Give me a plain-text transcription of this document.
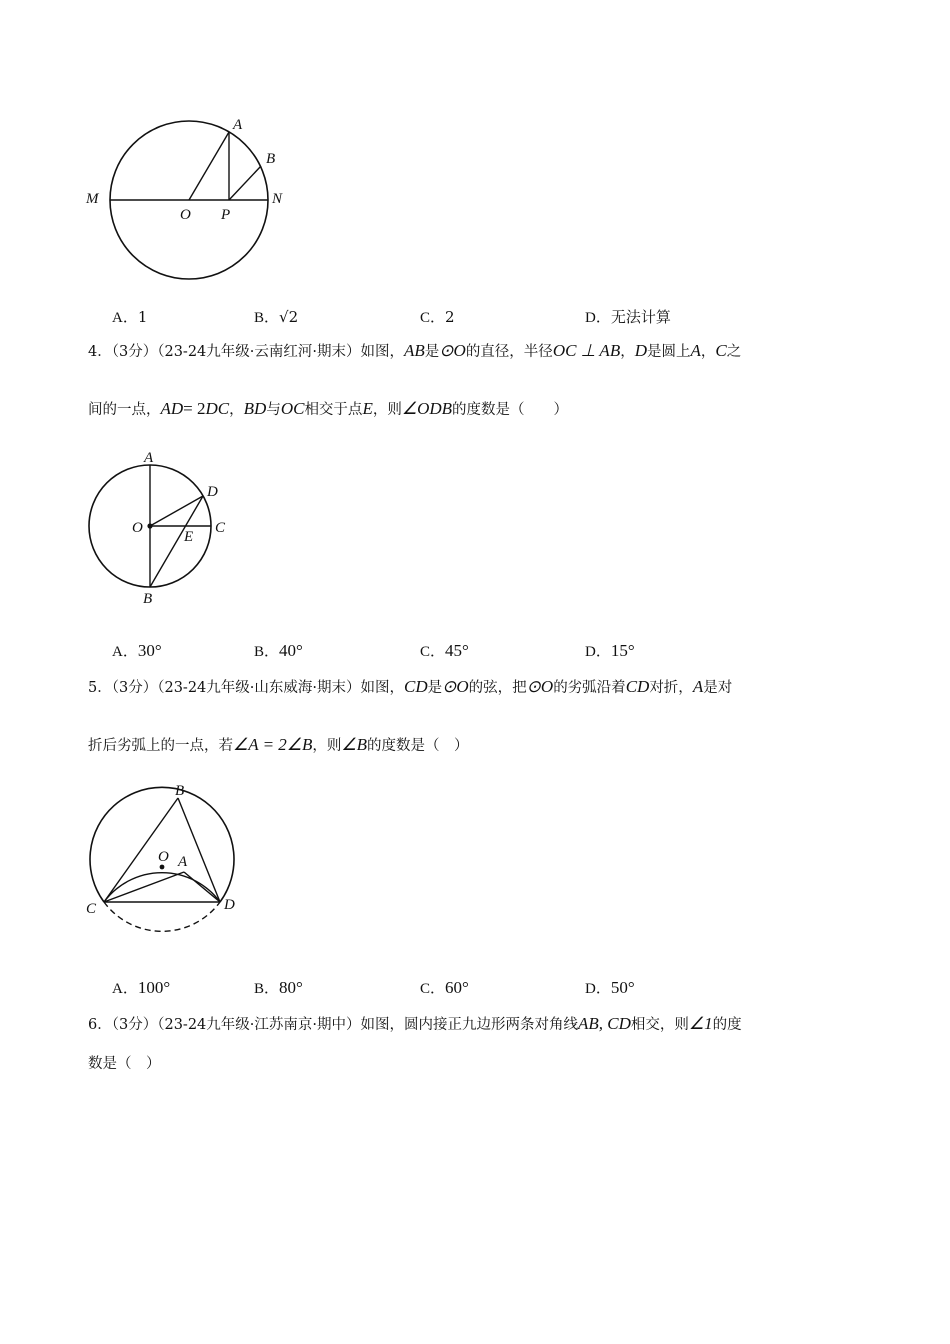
A
B
M
O P
N
A．1	B．√2	C．2	D．无法计算
4．（3分）（23-24九年级·云南红河·期末）如图，AB是⊙O的直径，半径OC ⊥ AB，D是圆上A，C之
间的一点，AD= 2DC，BD与OC相交于点E，则∠ODB的度数是（　　）
A
D
O	C
E
B
A．30°	B．40°	C．45°	D．15°
5．（3分）（23-24九年级·山东威海·期末）如图，CD是⊙O的弦，把⊙O的劣弧沿着CD对折，A是对
折后劣弧上的一点，若∠A = 2∠B，则∠B的度数是（　）
B
O A
C	D
A．100°	B．80°	C．60°	D．50°
6．（3分）（23-24九年级·江苏南京·期中）如图，圆内接正九边形两条对角线AB, CD相交，则∠1的度
数是（　）
